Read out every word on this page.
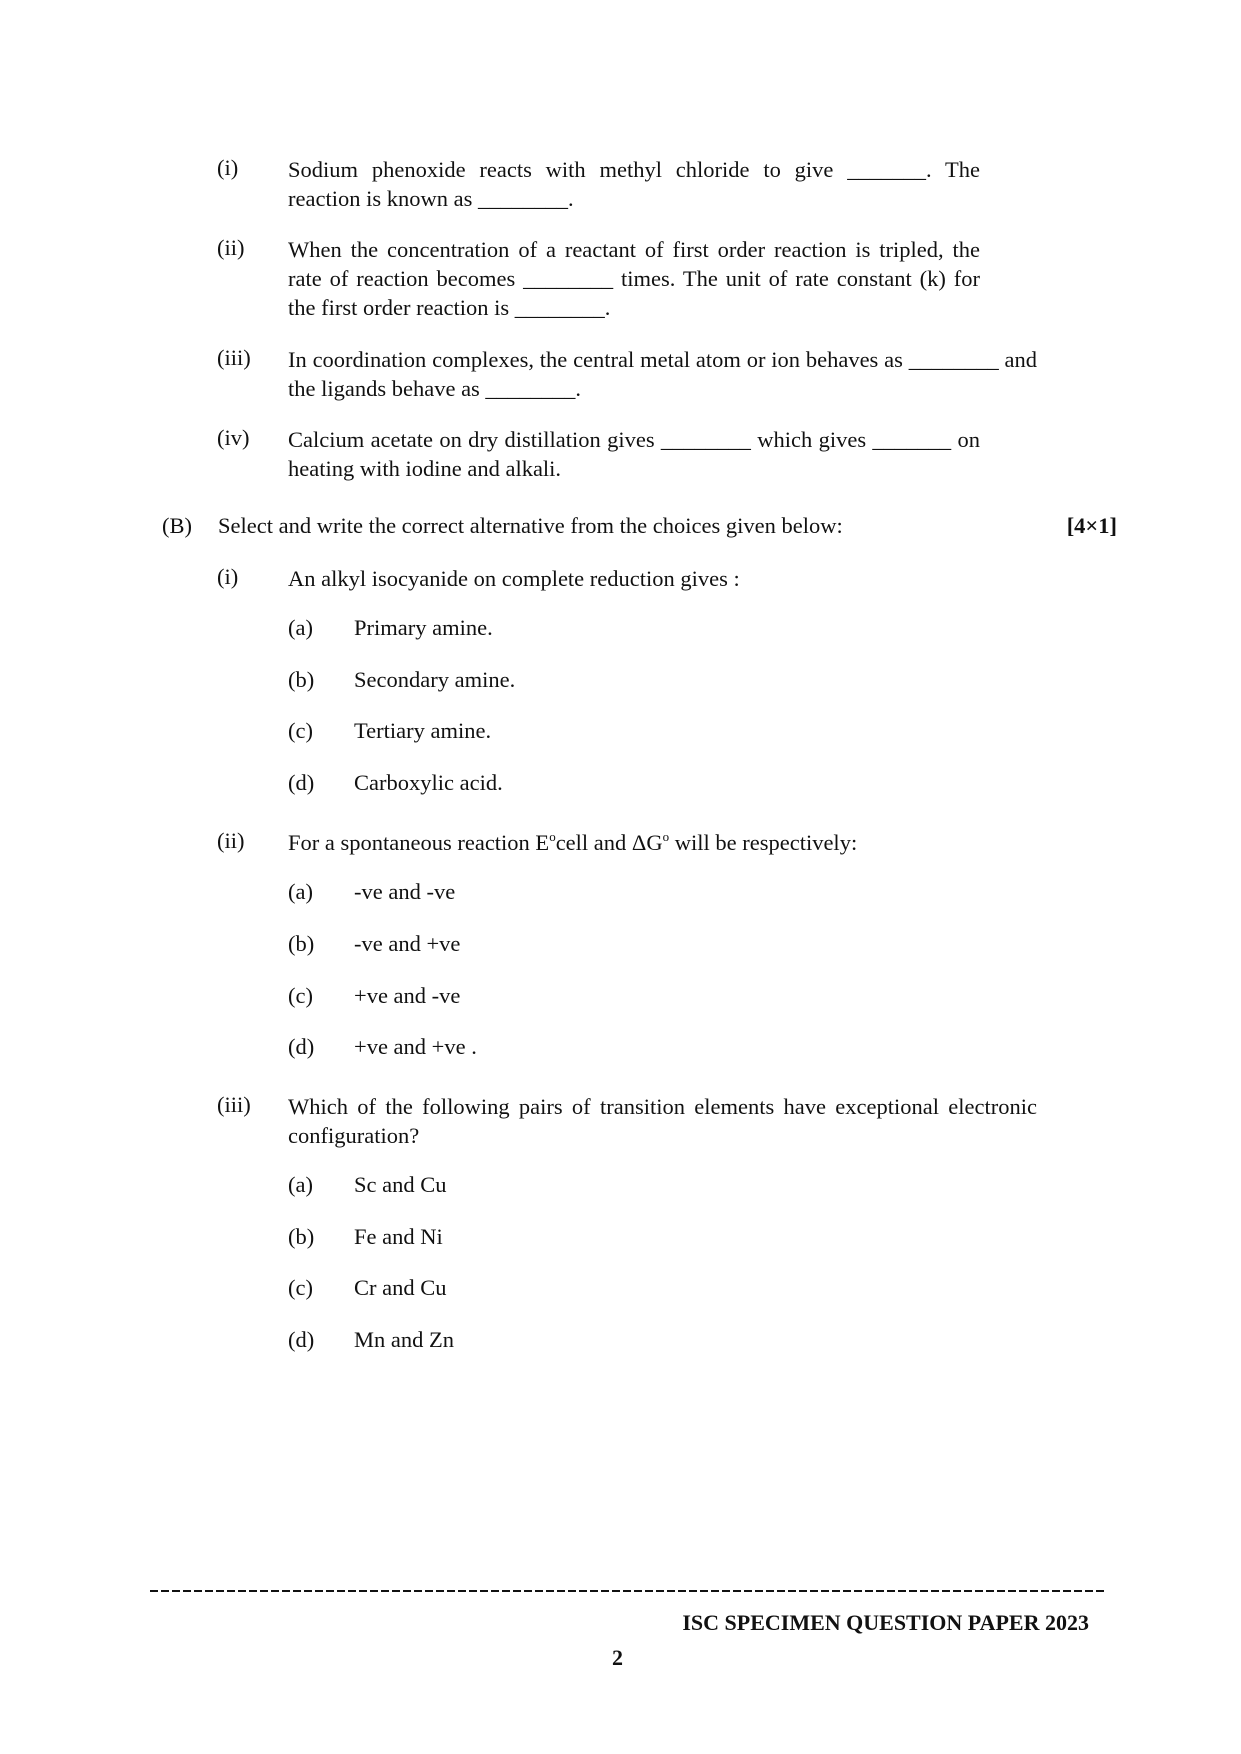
(i) Sodium phenoxide reacts with methyl chloride to give _______. The reaction is known as ________.
(ii) When the concentration of a reactant of first order reaction is tripled, the rate of reaction becomes ________ times. The unit of rate constant (k) for the first order reaction is ________.
(iii) In coordination complexes, the central metal atom or ion behaves as ________ and the ligands behave as ________.
(iv) Calcium acetate on dry distillation gives ________ which gives _______ on heating with iodine and alkali.
(B) Select and write the correct alternative from the choices given below:	[4×1]
(i) An alkyl isocyanide on complete reduction gives :
(a) Primary amine.
(b) Secondary amine.
(c) Tertiary amine.
(d) Carboxylic acid.
(ii) For a spontaneous reaction $E^ocell$ and $\Delta G^o$ will be respectively:
(a) -ve and -ve
(b) -ve and +ve
(c) +ve and -ve
(d) +ve and +ve .
(iii) Which of the following pairs of transition elements have exceptional electronic configuration?
(a) Sc and Cu
(b) Fe and Ni
(c) Cr and Cu
(d) Mn and Zn
ISC SPECIMEN QUESTION PAPER 2023
2
